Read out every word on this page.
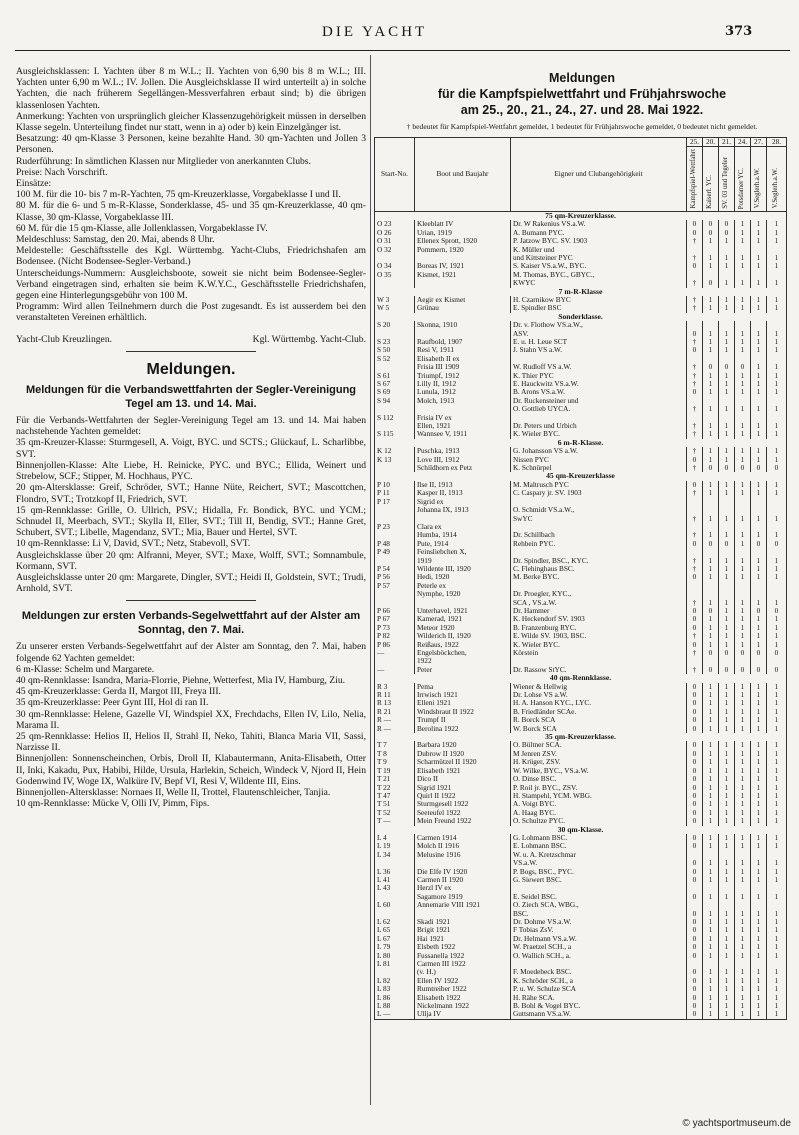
DIE YACHT	373

Ausgleichsklassen: I. Yachten über 8 m W.L.; II. Yachten von 6,90 bis 8 m W.L.; III. Yachten unter 6,90 m W.L.; IV. Jollen. Die Ausgleichsklasse II wird unterteilt a) in solche Yachten, die nach früherem Segellängen-Messverfahren erbaut sind; b) die übrigen klassenlosen Yachten.

Anmerkung: Yachten von ursprünglich gleicher Klassenzugehörigkeit müssen in derselben Klasse segeln. Unterteilung findet nur statt, wenn in a) oder b) kein Einzelgänger ist.

Besatzung: 40 qm-Klasse 3 Personen, keine bezahlte Hand. 30 qm-Yachten und Jollen 3 Personen.

Ruderführung: In sämtlichen Klassen nur Mitglieder von anerkannten Clubs.

Preise: Nach Vorschrift.

Einsätze:

100 M. für die 10- bis 7 m-R-Yachten, 75 qm-Kreuzerklasse, Vorgabeklasse I und II.

80 M. für die 6- und 5 m-R-Klasse, Sonderklasse, 45- und 35 qm-Kreuzerklasse, 40 qm-Klasse, 30 qm-Klasse, Vorgabeklasse III.

60 M. für die 15 qm-Klasse, alle Jollenklassen, Vorgabeklasse IV.

Meldeschluss: Samstag, den 20. Mai, abends 8 Uhr.

Meldestelle: Geschäftsstelle des Kgl. Württembg. Yacht-Clubs, Friedrichshafen am Bodensee. (Nicht Bodensee-Segler-Verband.)

Unterscheidungs-Nummern: Ausgleichsboote, soweit sie nicht beim Bodensee-Segler-Verband eingetragen sind, erhalten sie beim K.W.Y.C., Geschäftsstelle Friedrichshafen, gegen eine Hinterlegungsgebühr von 100 M.

Programm: Wird allen Teilnehmern durch die Post zugesandt. Es ist ausserdem bei den veranstalteten Vereinen erhältlich.

Yacht-Club Kreuzlingen.	Kgl. Württembg. Yacht-Club.
Meldungen.
Meldungen für die Verbandswettfahrten der Segler-Vereinigung Tegel am 13. und 14. Mai.

Für die Verbands-Wettfahrten der Segler-Vereinigung Tegel am 13. und 14. Mai haben nachstehende Yachten gemeldet:

35 qm-Kreuzer-Klasse: Sturmgesell, A. Voigt, BYC. und SCTS.; Glückauf, L. Scharlibbe, SVT.

Binnenjollen-Klasse: Alte Liebe, H. Reinicke, PYC. und BYC.; Ellida, Weinert und Strebelow, SCF.; Stipper, M. Hochhaus, PYC.

20 qm-Altersklasse: Greif, Schröder, SVT.; Hanne Nüte, Reichert, SVT.; Mascottchen, Flondro, SVT.; Trotzkopf II, Friedrich, SVT.

15 qm-Rennklasse: Grille, O. Ullrich, PSV.; Hidalla, Fr. Bondick, BYC. und YCM.; Schnudel II, Meerbach, SVT.; Skylla II, Eller, SVT.; Till II, Bendig, SVT.; Hanne Gret, Schubert, SVT.; Libelle, Magendanz, SVT.; Mia, Bauer und Hertel, SVT.

10 qm-Rennklasse: Li V, David, SVT.; Netz, Stabevoll, SVT.

Ausgleichsklasse über 20 qm: Alfranni, Meyer, SVT.; Maxe, Wolff, SVT.; Somnambule, Kormann, SVT.

Ausgleichsklasse unter 20 qm: Margarete, Dingler, SVT.; Heidi II, Goldstein, SVT.; Trudi, Arnhold, SVT.

Meldungen zur ersten Verbands-Segelwettfahrt auf der Alster am Sonntag, den 7. Mai.

Zu unserer ersten Verbands-Segelwettfahrt auf der Alster am Sonntag, den 7. Mai, haben folgende 62 Yachten gemeldet:

6 m-Klasse: Schelm und Margarete.

40 qm-Rennklasse: Isandra, Maria-Florrie, Piehne, Wetterfest, Mia IV, Hamburg, Ziu.

45 qm-Kreuzerklasse: Gerda II, Margot III, Freya III.

35 qm-Kreuzerklasse: Peer Gynt III, Hol di ran II.

30 qm-Rennklasse: Helene, Gazelle VI, Windspiel XX, Frechdachs, Ellen IV, Lilo, Nelia, Marama II.

25 qm-Rennklasse: Helios II, Helios II, Strahl II, Neko, Tahiti, Blanca Maria VII, Sassi, Narzisse II.

Binnenjollen: Sonnenscheinchen, Orbis, Droll II, Klabautermann, Anita-Elisabeth, Otter II, Inki, Kakadu, Pux, Habibi, Hilde, Ursula, Harlekin, Scheich, Windeck V, Njord II, Hein Godenwind IV, Woge IX, Walküre IV, Bepf VI, Resi V, Wildente III, Eins.

Binnenjollen-Altersklasse: Nornaes II, Welle II, Trottel, Flautenschleicher, Tanjia.

10 qm-Rennklasse: Mücke V, Olli IV, Pimm, Fips.

Meldungen
für die Kampfspielwettfahrt und Frühjahrswoche
am 25., 20., 21., 24., 27. und 28. Mai 1922.
† bedeutet für Kampfspiel-Wettfahrt gemeldet, 1 bedeutet für Frühjahrswoche gemeldet, 0 bedeutet nicht gemeldet.
Start-No.	Boot und Baujahr	Eigner und Clubangehörigkeit	25.	20.	21.	24.	27.	28.

			Kampfspiel-Wettfahrt	Kaiserl. YC.	SV. 03 und Tegeler	Potsdamer YC.	V.Seglerh.a.W.	V.Seglerh.a.W.

75 qm-Kreuzerklasse.								
O 23	Kleeblatt IV	Dr. W Rakenius VS.a.W.	0	0	0	1	1	1
O 26	Urian, 1919	A. Bumann PYC.	0	0	0	1	1	1
O 31	Ellenex Sprott, 1920	P. Jatzow BYC. SV. 1903	†	1	1	1	1	1
O 32	Pommern, 1920	K. Müller und						
		und Kittsteiner PYC	†	1	1	1	1	1
O 34	Boreas IV, 1921	S. Kaiser VS.a.W., BYC.	0	1	1	1	1	1
O 35	Kismet, 1921	M. Thomas, BYC., GBYC.,						
		KWYC	†	0	1	1	1	1
7 m-R-Klasse								
W 3	Aegir ex Kismet	H. Czarnikow BYC	†	1	1	1	1	1
W 5	Grünau	E. Spindler BSC	†	1	1	1	1	1
Sonderklasse.								
S 20	Skonna, 1910	Dr. v. Flothow VS.a.W.,						
		ASV.	0	1	1	1	1	1
S 23	Raufbold, 1907	E. u. H. Leue SCT	†	1	1	1	1	1
S 50	Resi V, 1911	J. Stahn VS a.W.	0	1	1	1	1	1
S 52	Elisabeth II ex							
	Frisia III 1909	W. Rudloff VS a.W.	†	0	0	0	1	1
S 61	Triumpf, 1912	K. Thier PYC	†	1	1	1	1	1
S 67	Lilly II, 1912	E. Hauckwitz VS.a.W.	†	1	1	1	1	1
S 69	Lunula, 1912	B. Arons VS.a.W.	0	1	1	1	1	1
S 94	Molch, 1913	Dr. Ruckensteiner und						
		O. Gottlieb UYCA.	†	1	1	1	1	1
S 112	Frisia IV ex							
	Ellen, 1921	Dr. Peters und Urbich	†	1	1	1	1	1
S 115	Wannsee V, 1911	K. Wieler BYC.	†	1	1	1	1	1
6 m-R-Klasse.								
K 12	Puschka, 1913	G. Johansson VS a.W.	†	1	1	1	1	1
K 13	Love III, 1912	Nissen PYC	0	1	1	1	1	1
	Schildhorn ex Petz	K. Schnürpel	†	0	0	0	0	0
45 qm-Kreuzerklasse								
P 10	Ilse II, 1913	M. Maltrusch PYC	0	1	1	1	1	1
P 11	Kasper II, 1913	C. Caspary jr. SV. 1903	†	1	1	1	1	1
P 17	Sigrid ex							
	Johanna IX, 1913	O. Schmidt VS.a.W.,						
		SwYC	†	1	1	1	1	1
P 23	Clara ex							
	Humba, 1914	Dr. Schillbach	†	1	1	1	1	1
P 48	Pute, 1914	Rehbein PYC.	0	0	0	1	0	0
P 49	Feinsliebchen X,							
	1919	Dr. Spindler, BSC., KYC.	†	1	1	1	1	1
P 54	Wildente III, 1920	C. Flehinghaus BSC.	†	1	1	1	1	1
P 56	Hedi, 1920	M. Berke BYC.	0	1	1	1	1	1
P 57	Peterle ex							
	Nymphe, 1920	Dr. Proegler, KYC.,						
		SCA , VS.a.W.	†	1	1	1	1	1
P 66	Unterhavel, 1921	Dr. Hammer	0	0	1	1	0	0
P 67	Kamerad, 1921	K. Heckendorf SV. 1903	0	1	1	1	1	1
P 73	Meteor 1920	B. Franzenburg RYC.	0	1	1	1	1	1
P 82	Wilderich II, 1920	E. Wilde SV. 1903, BSC.	†	1	1	1	1	1
P 86	Reißaus, 1922	K. Wieler BYC.	0	1	1	1	1	1
—	Engelsböckchen,	Körstein	†	0	0	0	0	0
	1922							
—	Peter	Dr. Rassow StYC.	†	0	0	0	0	0
40 qm-Rennklasse.								
R 3	Pema	Wiener & Hellwig	0	1	1	1	1	1
R 11	Irrwisch 1921	Dr. Lohse VS a.W.	0	1	1	1	1	1
R 13	Elleni 1921	H. A. Hanson KYC., LYC.	0	1	1	1	1	1
R 21	Windsbraut II 1922	B. Friedländer SCAe.	0	1	1	1	1	1
R —	Trumpf II	R. Borck SCA	0	1	1	1	1	1
R —	Berolina 1922	W. Borck SCA	0	1	1	1	1	1
35 qm-Kreuzerklasse.								
T 7	Barbara 1920	O. Bültner SCA.	0	1	1	1	1	1
T 8	Dubrow II 1920	M Jenren ZSV.	0	1	1	1	1	1
T 9	Scharmützel II 1920	H. Krüger, ZSV.	0	1	1	1	1	1
T 19	Elisabeth 1921	W. Wilke, BYC., VS.a.W.	0	1	1	1	1	1
T 21	Dico II	O. Dinse BSC.	0	1	1	1	1	1
T 22	Sigrid 1921	P. Roil jr. BYC., ZSV.	0	1	1	1	1	1
T 47	Quirl II 1922	H. Stampehl, YCM. WBG.	0	1	1	1	1	1
T 51	Sturmgesell 1922	A. Voigt BYC.	0	1	1	1	1	1
T 52	Seeteufel 1922	A. Haag BYC.	0	1	1	1	1	1
T —	Mein Freund 1922	O. Schultze PYC.	0	1	1	1	1	1
30 qm-Klasse.								
L 4	Carmen 1914	G. Lohmann BSC.	0	1	1	1	1	1
L 19	Molch II 1916	E. Lohmann BSC.	0	1	1	1	1	1
L 34	Melusine 1916	W. u. A. Kretzschmar						
		VS.a.W.	0	1	1	1	1	1
L 36	Die Elfe IV 1920	P. Bogs, BSC., PYC.	0	1	1	1	1	1
L 41	Carmen II 1920	G. Siewert BSC.	0	1	1	1	1	1
L 43	Herzl IV ex							
	Sagamore 1919	E. Seidel BSC.	0	1	1	1	1	1
L 60	Annemarie VIII 1921	O. Ziech SCA, WBG.,						
		BSC.	0	1	1	1	1	1
L 62	Skadi 1921	Dr. Dohme VS.a.W.	0	1	1	1	1	1
L 65	Brigit 1921	F Tobias ZsV.	0	1	1	1	1	1
L 67	Hai 1921	Dr. Helmann VS.a.W.	0	1	1	1	1	1
L 79	Elsbeth 1922	W. Praetzel SCH., a	0	1	1	1	1	1
L 80	Fussanella 1922	O. Wallich SCH., a.	0	1	1	1	1	1
L 81	Carmen III 1922							
	(v. H.)	F. Moedebeck BSC.	0	1	1	1	1	1
L 82	Ellen IV 1922	K. Schröder SCH., a	0	1	1	1	1	1
L 83	Rumtreiber 1922	P. u. W. Schulze SCA	0	1	1	1	1	1
L 86	Elisabeth 1922	H. Rähe SCA.	0	1	1	1	1	1
L 88	Nickelmann 1922	B. Bohl & Vogel BYC.	0	1	1	1	1	1
L —	Ullja IV	Guttsmann VS.a.W.	0	1	1	1	1	1
© yachtsportmuseum.de
